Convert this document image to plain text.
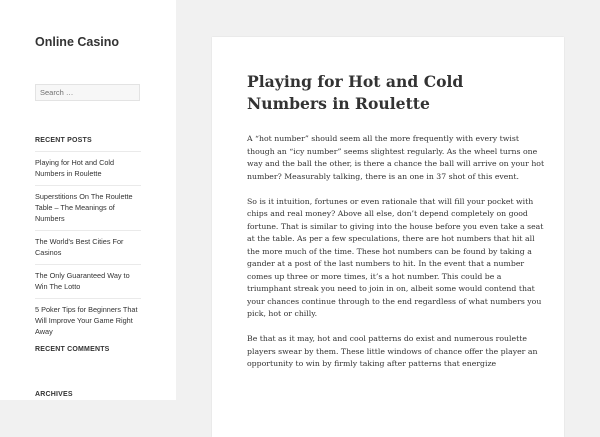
Online Casino
Search …
RECENT POSTS
Playing for Hot and Cold Numbers in Roulette
Superstitions On The Roulette Table – The Meanings of Numbers
The World's Best Cities For Casinos
The Only Guaranteed Way to Win The Lotto
5 Poker Tips for Beginners That Will Improve Your Game Right Away
RECENT COMMENTS
ARCHIVES
Playing for Hot and Cold Numbers in Roulette

A “hot number” should seem all the more frequently with every twist though an “icy number” seems slightest regularly. As the wheel turns one way and the ball the other, is there a chance the ball will arrive on your hot number? Measurably talking, there is an one in 37 shot of this event.

So is it intuition, fortunes or even rationale that will fill your pocket with chips and real money? Above all else, don’t depend completely on good fortune. That is similar to giving into the house before you even take a seat at the table. As per a few speculations, there are hot numbers that hit all the more much of the time. These hot numbers can be found by taking a gander at a post of the last numbers to hit. In the event that a number comes up three or more times, it’s a hot number. This could be a triumphant streak you need to join in on, albeit some would contend that your chances continue through to the end regardless of what numbers you pick, hot or chilly.

Be that as it may, hot and cool patterns do exist and numerous roulette players swear by them. These little windows of chance offer the player an opportunity to win by firmly taking after patterns that energize
